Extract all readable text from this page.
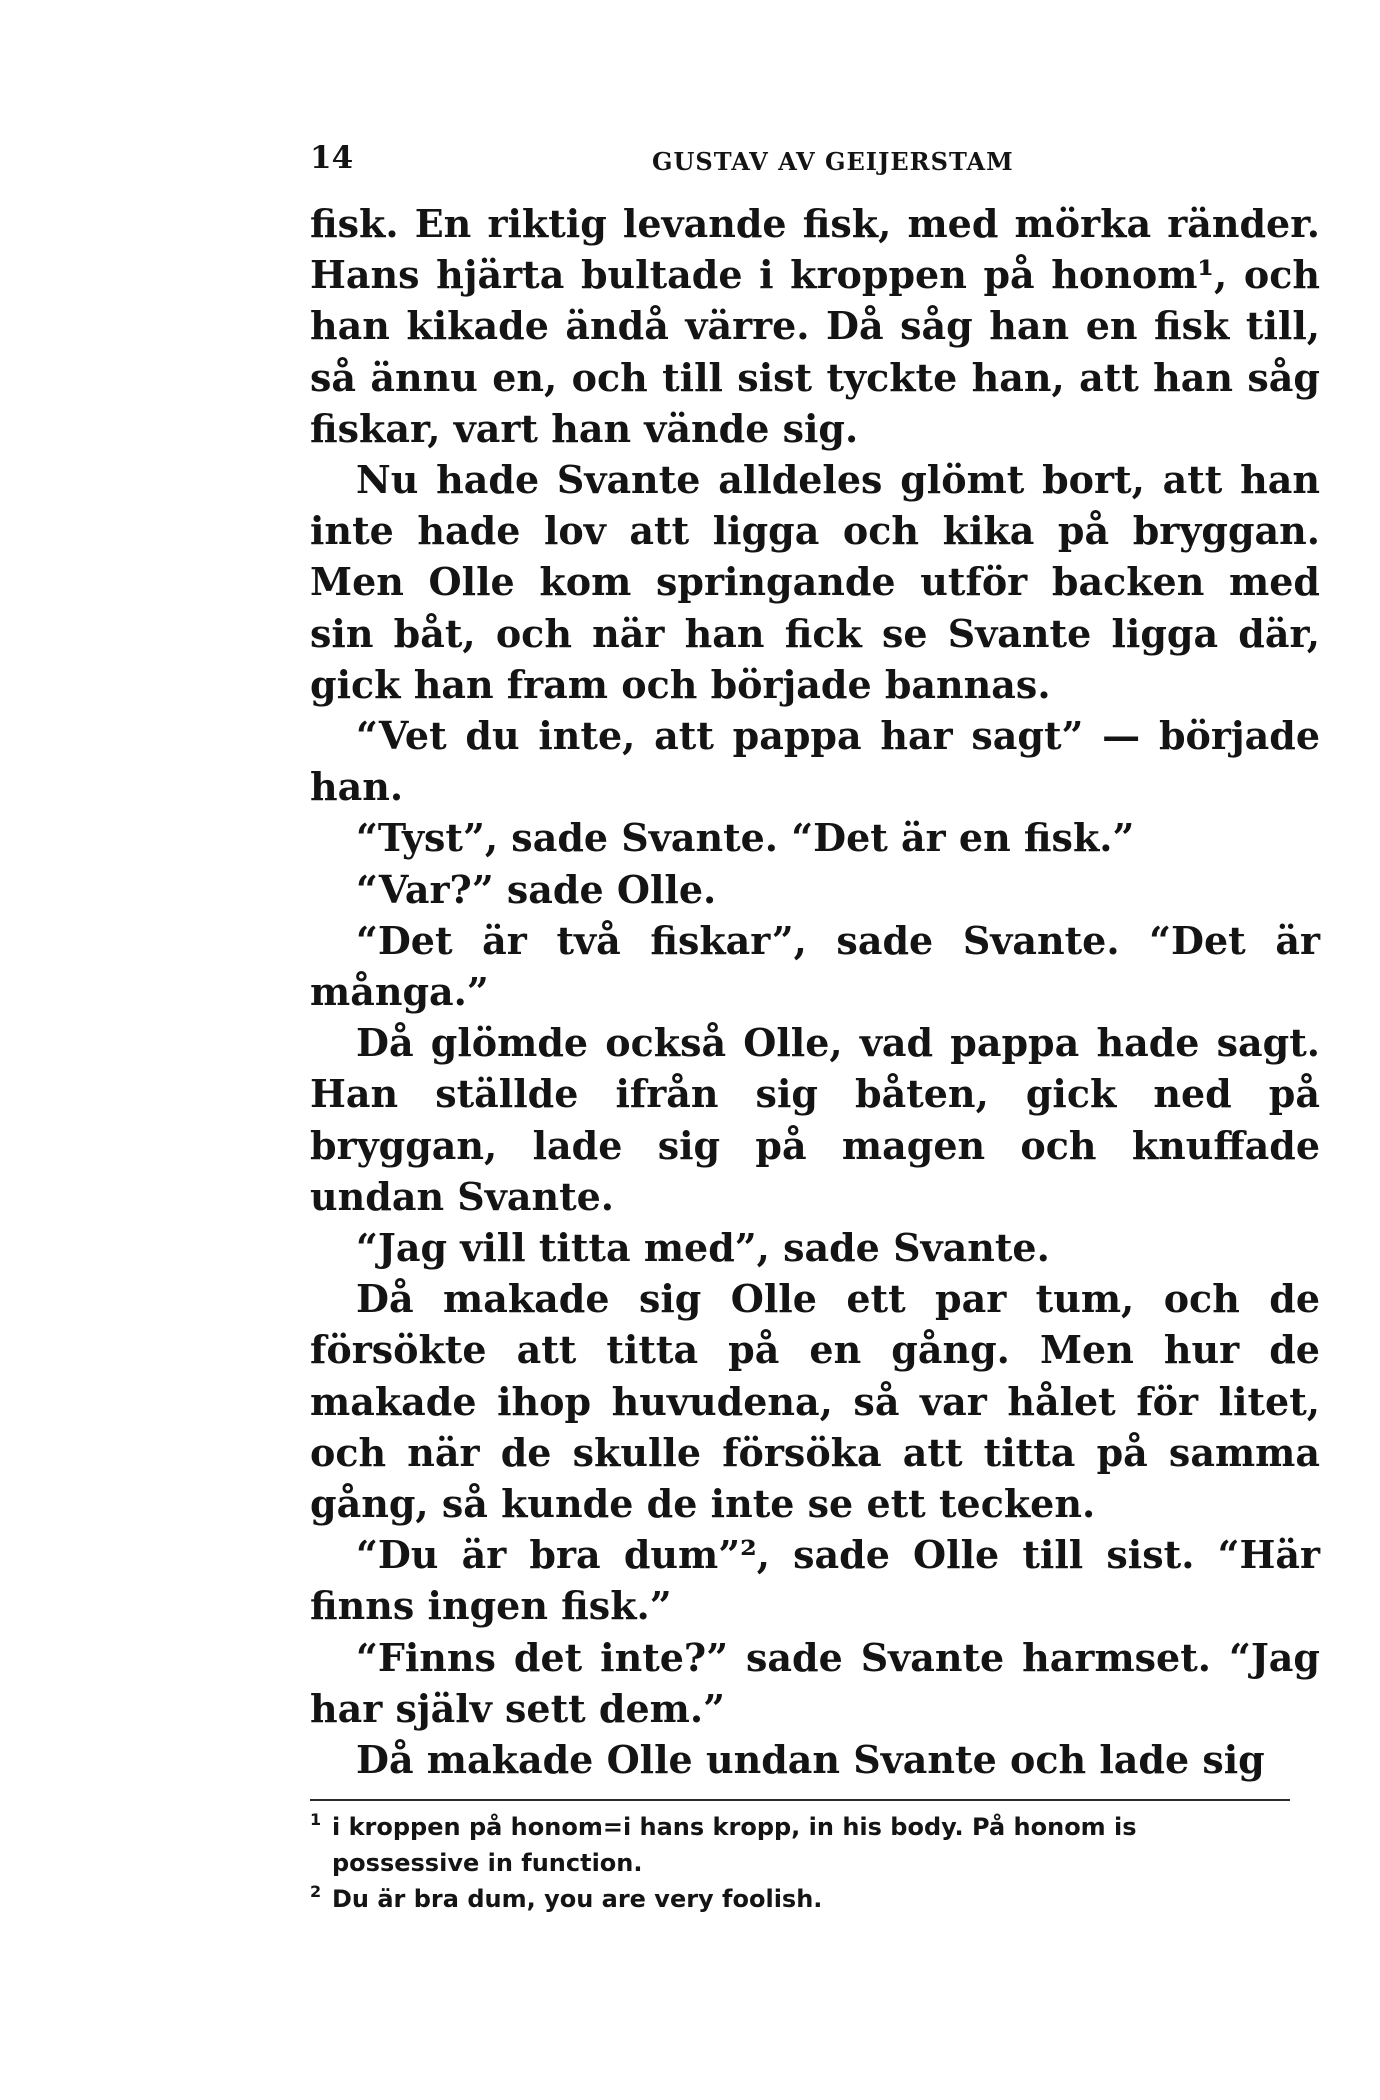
14	GUSTAV AV GEIJERSTAM

fisk. En riktig levande fisk, med mörka ränder. Hans hjärta bultade i kroppen på honom¹, och han kikade ändå värre. Då såg han en fisk till, så ännu en, och till sist tyckte han, att han såg fiskar, vart han vände sig.

Nu hade Svante alldeles glömt bort, att han inte hade lov att ligga och kika på bryggan. Men Olle kom springande utför backen med sin båt, och när han fick se Svante ligga där, gick han fram och började bannas.

“Vet du inte, att pappa har sagt” — började han.

“Tyst”, sade Svante. “Det är en fisk.”

“Var?” sade Olle.

“Det är två fiskar”, sade Svante. “Det är många.”

Då glömde också Olle, vad pappa hade sagt. Han ställde ifrån sig båten, gick ned på bryggan, lade sig på magen och knuffade undan Svante.

“Jag vill titta med”, sade Svante.

Då makade sig Olle ett par tum, och de försökte att titta på en gång. Men hur de makade ihop huvudena, så var hålet för litet, och när de skulle försöka att titta på samma gång, så kunde de inte se ett tecken.

“Du är bra dum”², sade Olle till sist. “Här finns ingen fisk.”

“Finns det inte?” sade Svante harmset. “Jag har själv sett dem.”

Då makade Olle undan Svante och lade sig

1 i kroppen på honom=i hans kropp, in his body. På honom is possessive in function.
2 Du är bra dum, you are very foolish.
